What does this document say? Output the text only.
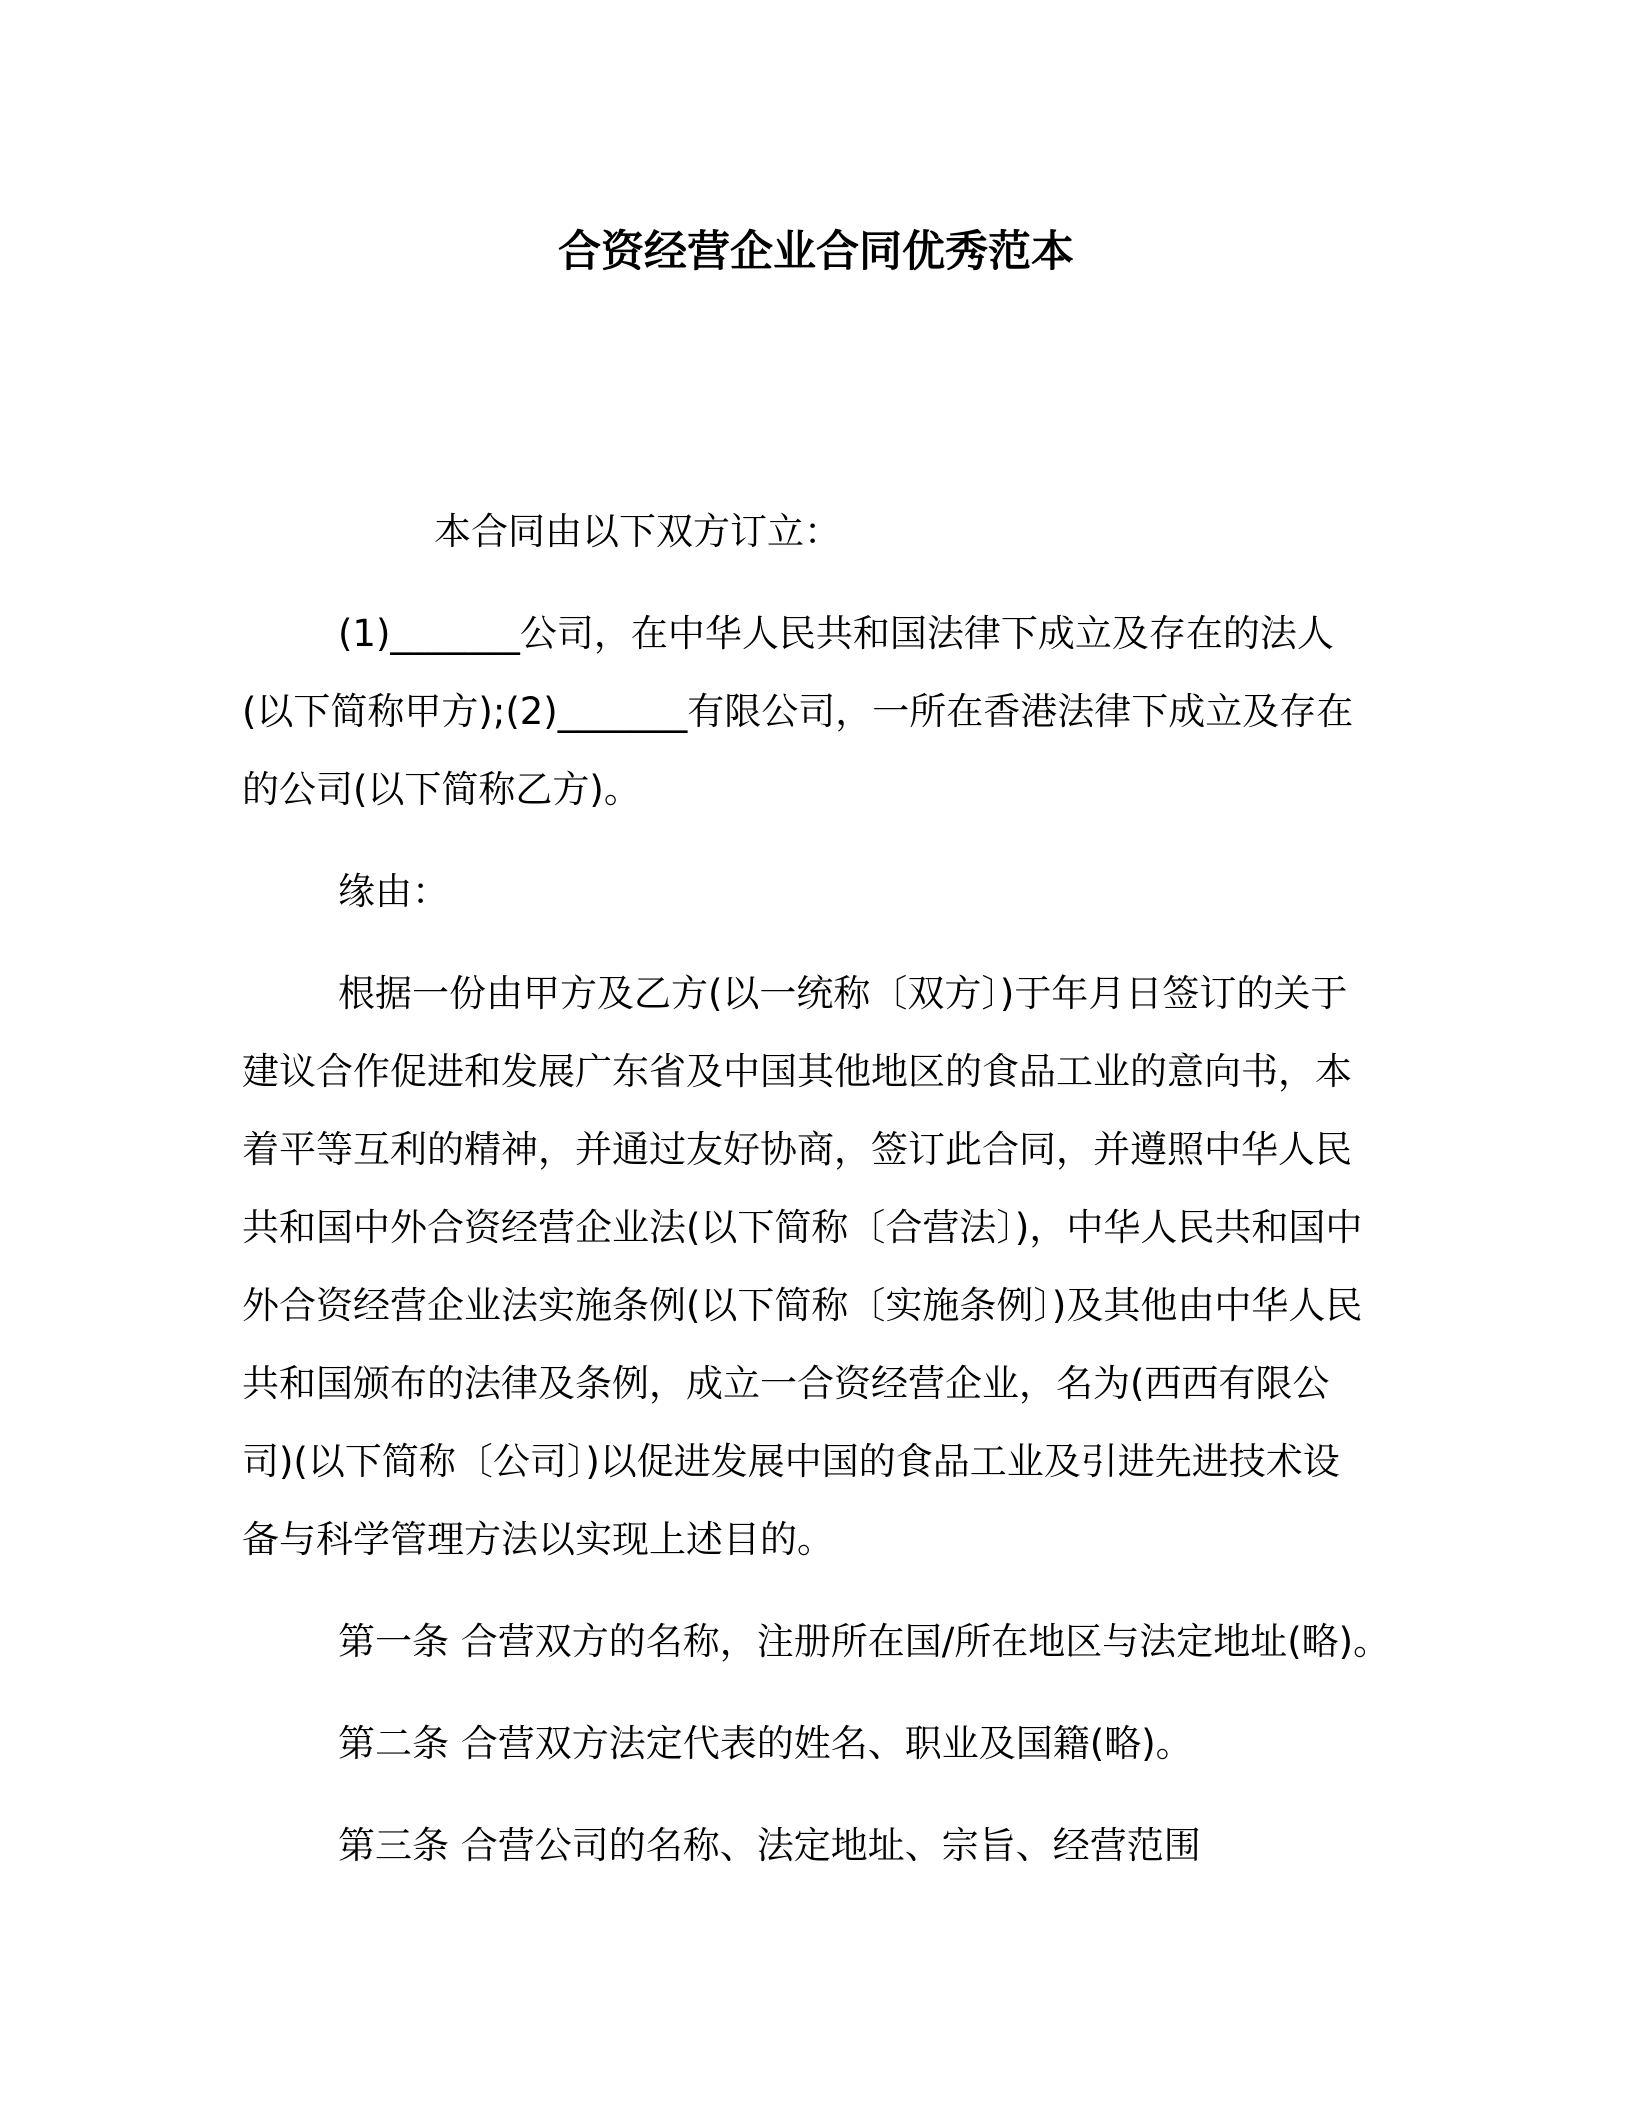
合资经营企业合同优秀范本
本合同由以下双方订立：
(1)_______公司，在中华人民共和国法律下成立及存在的法人
(以下简称甲方);(2)_______有限公司，一所在香港法律下成立及存在
的公司(以下简称乙方)。
缘由：
根据一份由甲方及乙方(以一统称〔双方〕)于年月日签订的关于
建议合作促进和发展广东省及中国其他地区的食品工业的意向书，本
着平等互利的精神，并通过友好协商，签订此合同，并遵照中华人民
共和国中外合资经营企业法(以下简称〔合营法〕)，中华人民共和国中
外合资经营企业法实施条例(以下简称〔实施条例〕)及其他由中华人民
共和国颁布的法律及条例，成立一合资经营企业，名为(西西有限公
司)(以下简称〔公司〕)以促进发展中国的食品工业及引进先进技术设
备与科学管理方法以实现上述目的。
第一条 合营双方的名称，注册所在国/所在地区与法定地址(略)。
第二条 合营双方法定代表的姓名、职业及国籍(略)。
第三条 合营公司的名称、法定地址、宗旨、经营范围
